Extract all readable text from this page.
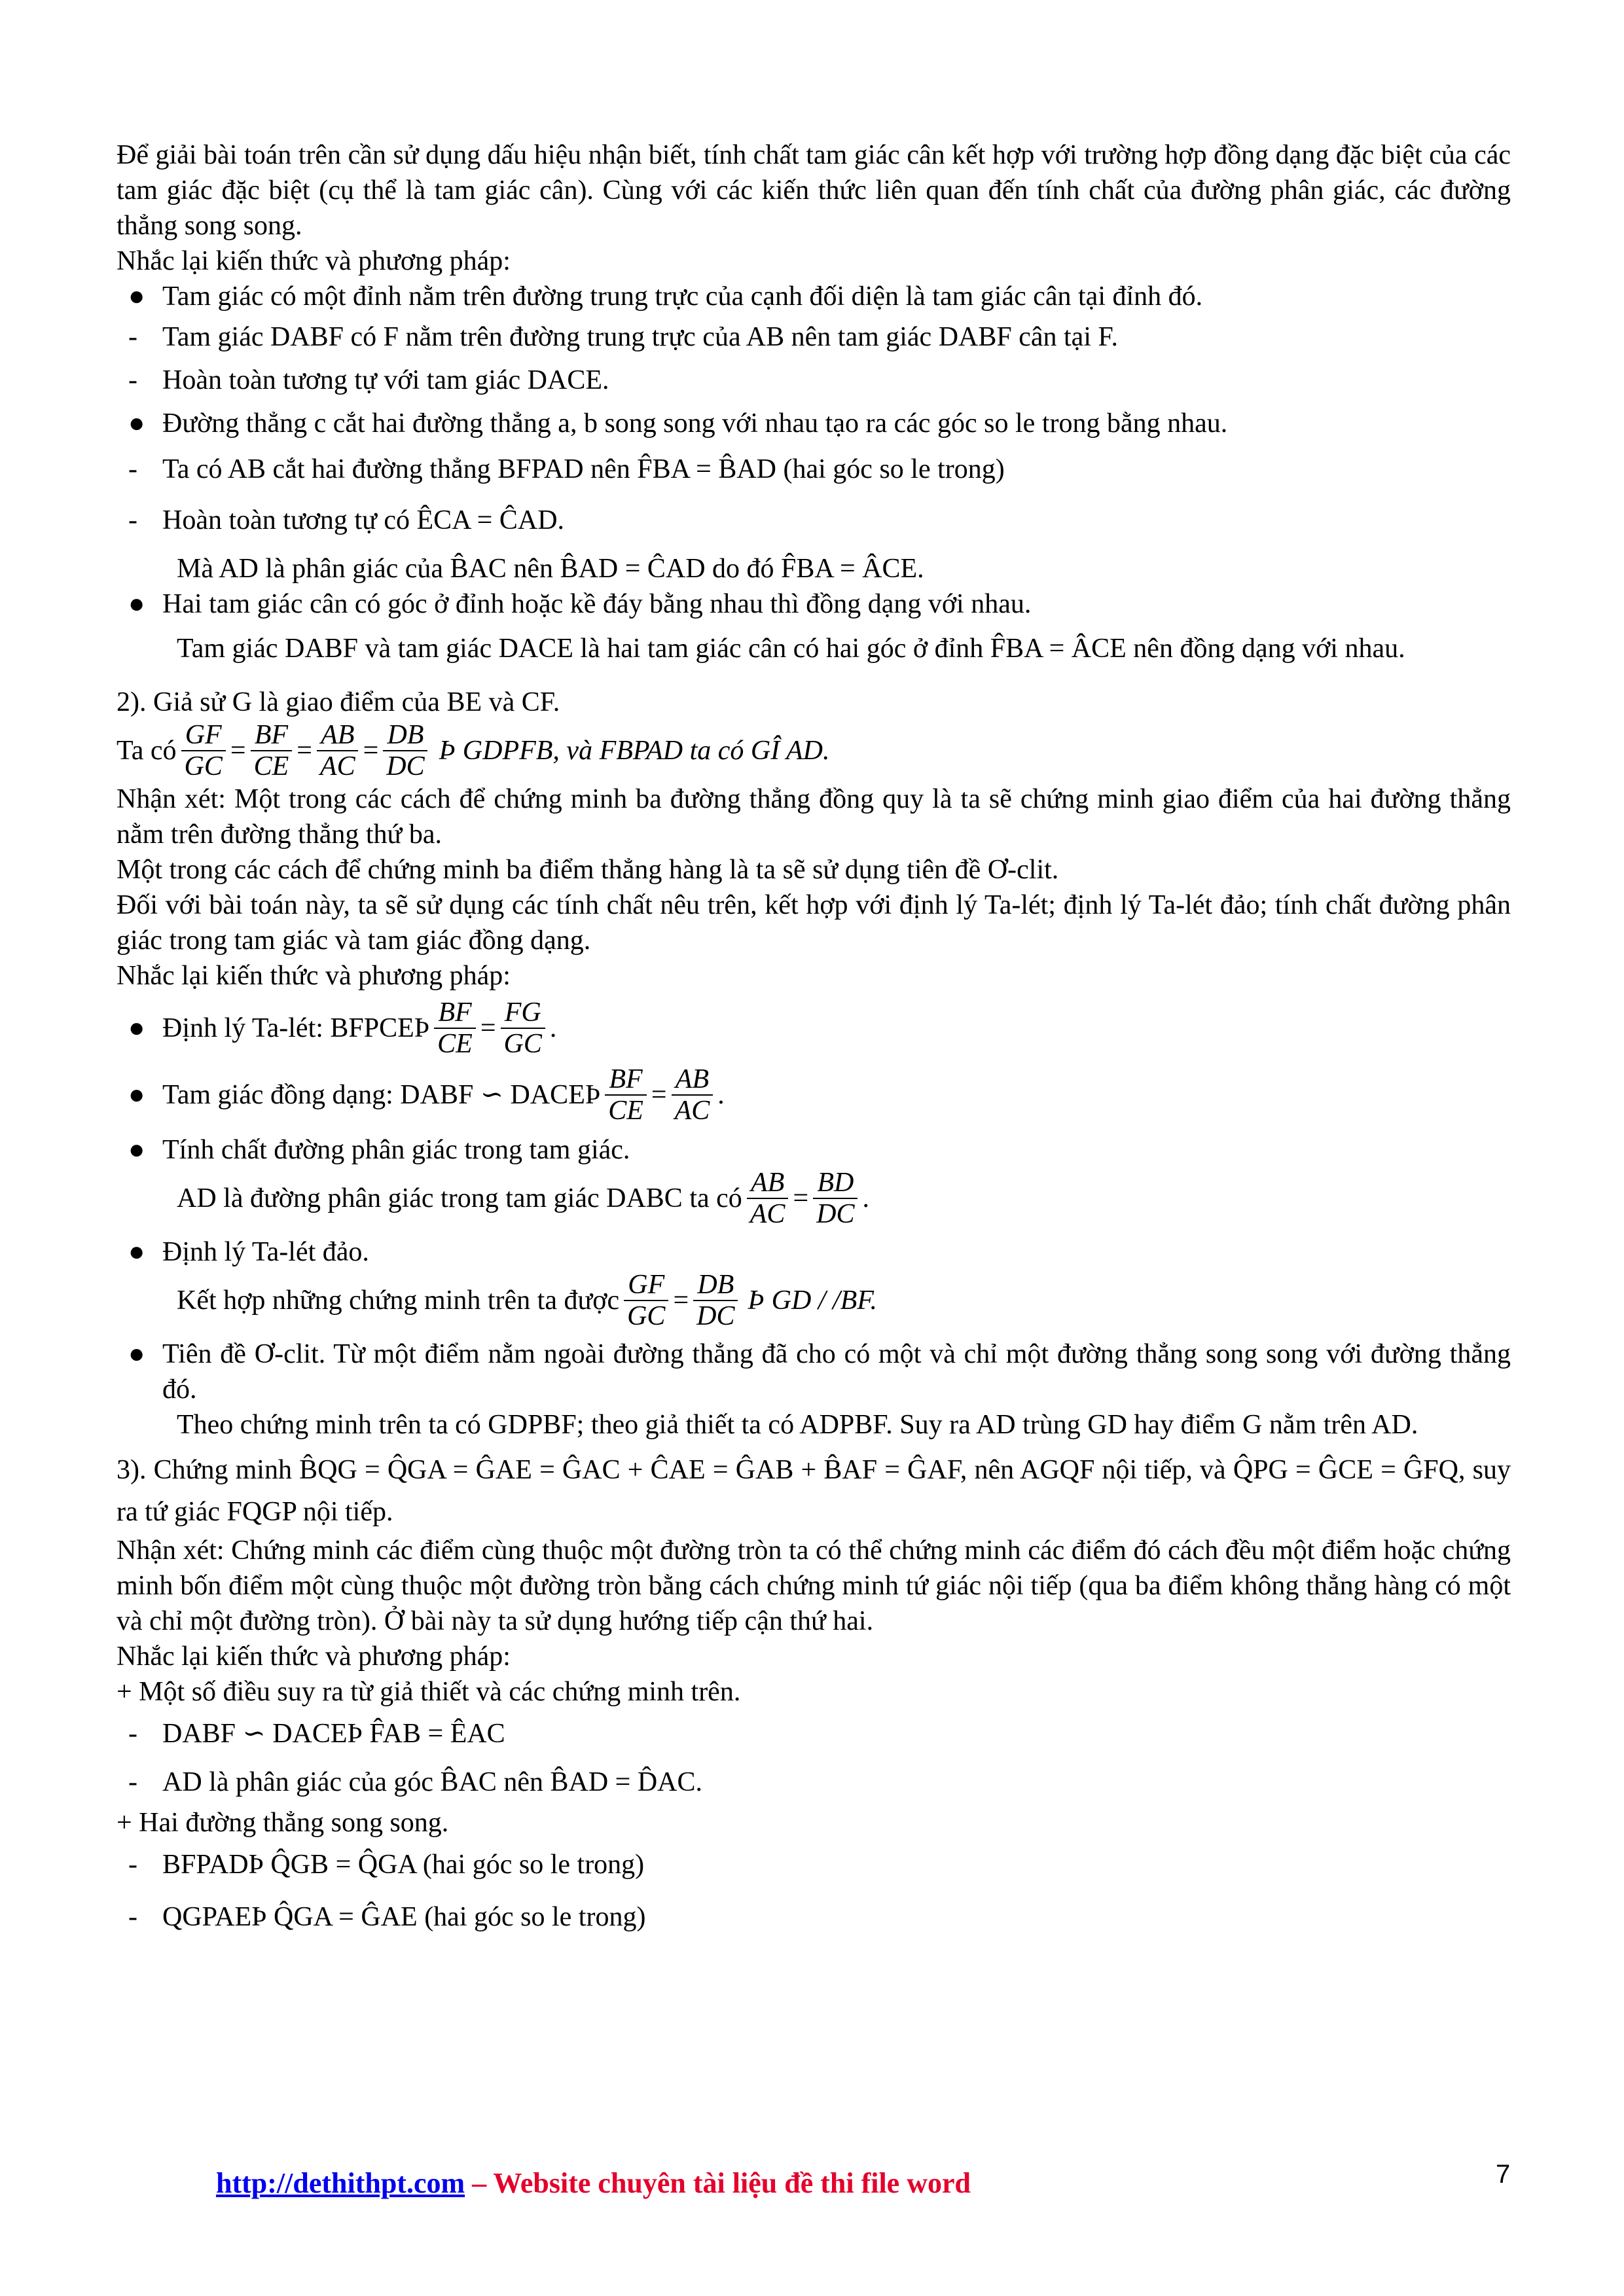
Để giải bài toán trên cần sử dụng dấu hiệu nhận biết, tính chất tam giác cân kết hợp với trường hợp đồng dạng đặc biệt của các tam giác đặc biệt (cụ thể là tam giác cân). Cùng với các kiến thức liên quan đến tính chất của đường phân giác, các đường thẳng song song.

Nhắc lại kiến thức và phương pháp:

● Tam giác có một đỉnh nằm trên đường trung trực của cạnh đối diện là tam giác cân tại đỉnh đó.
- Tam giác DABF có F nằm trên đường trung trực của AB nên tam giác DABF cân tại F.
- Hoàn toàn tương tự với tam giác DACE.
● Đường thẳng c cắt hai đường thẳng a, b song song với nhau tạo ra các góc so le trong bằng nhau.
- Ta có AB cắt hai đường thẳng BFPAD nên F̂BA = B̂AD (hai góc so le trong)
- Hoàn toàn tương tự có ÊCA = ĈAD.

Mà AD là phân giác của B̂AC nên B̂AD = ĈAD do đó F̂BA = ÂCE.

● Hai tam giác cân có góc ở đỉnh hoặc kề đáy bằng nhau thì đồng dạng với nhau.

Tam giác DABF và tam giác DACE là hai tam giác cân có hai góc ở đỉnh F̂BA = ÂCE nên đồng dạng với nhau.

2). Giả sử G là giao điểm của BE và CF.

Ta có $\frac{GF}{GC} = \frac{BF}{CE} = \frac{AB}{AC} = \frac{DB}{DC}$ Þ GDPFB, và FBPAD ta có GÎ AD.

Nhận xét: Một trong các cách để chứng minh ba đường thẳng đồng quy là ta sẽ chứng minh giao điểm của hai đường thẳng nằm trên đường thẳng thứ ba.

Một trong các cách để chứng minh ba điểm thẳng hàng là ta sẽ sử dụng tiên đề Ơ-clit.

Đối với bài toán này, ta sẽ sử dụng các tính chất nêu trên, kết hợp với định lý Ta-lét; định lý Ta-lét đảo; tính chất đường phân giác trong tam giác và tam giác đồng dạng.

Nhắc lại kiến thức và phương pháp:

● Định lý Ta-lét: BFPCEÞ $\frac{BF}{CE} = \frac{FG}{GC}$ .
● Tam giác đồng dạng: DABF ∽ DACEÞ $\frac{BF}{CE} = \frac{AB}{AC}$ .
● Tính chất đường phân giác trong tam giác.
AD là đường phân giác trong tam giác DABC ta có $\frac{AB}{AC} = \frac{BD}{DC}$ .
● Định lý Ta-lét đảo.
Kết hợp những chứng minh trên ta được $\frac{GF}{GC} = \frac{DB}{DC}$ Þ GD / /BF.
● Tiên đề Ơ-clit. Từ một điểm nằm ngoài đường thẳng đã cho có một và chỉ một đường thẳng song song với đường thẳng đó.

Theo chứng minh trên ta có GDPBF; theo giả thiết ta có ADPBF. Suy ra AD trùng GD hay điểm G nằm trên AD.

3). Chứng minh B̂QG = Q̂GA = ĜAE = ĜAC + ĈAE = ĜAB + B̂AF = ĜAF, nên AGQF nội tiếp, và Q̂PG = ĜCE = ĜFQ, suy ra tứ giác FQGP nội tiếp.

Nhận xét: Chứng minh các điểm cùng thuộc một đường tròn ta có thể chứng minh các điểm đó cách đều một điểm hoặc chứng minh bốn điểm một cùng thuộc một đường tròn bằng cách chứng minh tứ giác nội tiếp (qua ba điểm không thẳng hàng có một và chỉ một đường tròn). Ở bài này ta sử dụng hướng tiếp cận thứ hai.

Nhắc lại kiến thức và phương pháp:

+ Một số điều suy ra từ giả thiết và các chứng minh trên.

- DABF ∽ DACEÞ F̂AB = ÊAC
- AD là phân giác của góc B̂AC nên B̂AD = D̂AC.

+ Hai đường thẳng song song.

- BFPADÞ Q̂GB = Q̂GA (hai góc so le trong)
- QGPAEÞ Q̂GA = ĜAE (hai góc so le trong)
http://dethithpt.com – Website chuyên tài liệu đề thi file word	7
